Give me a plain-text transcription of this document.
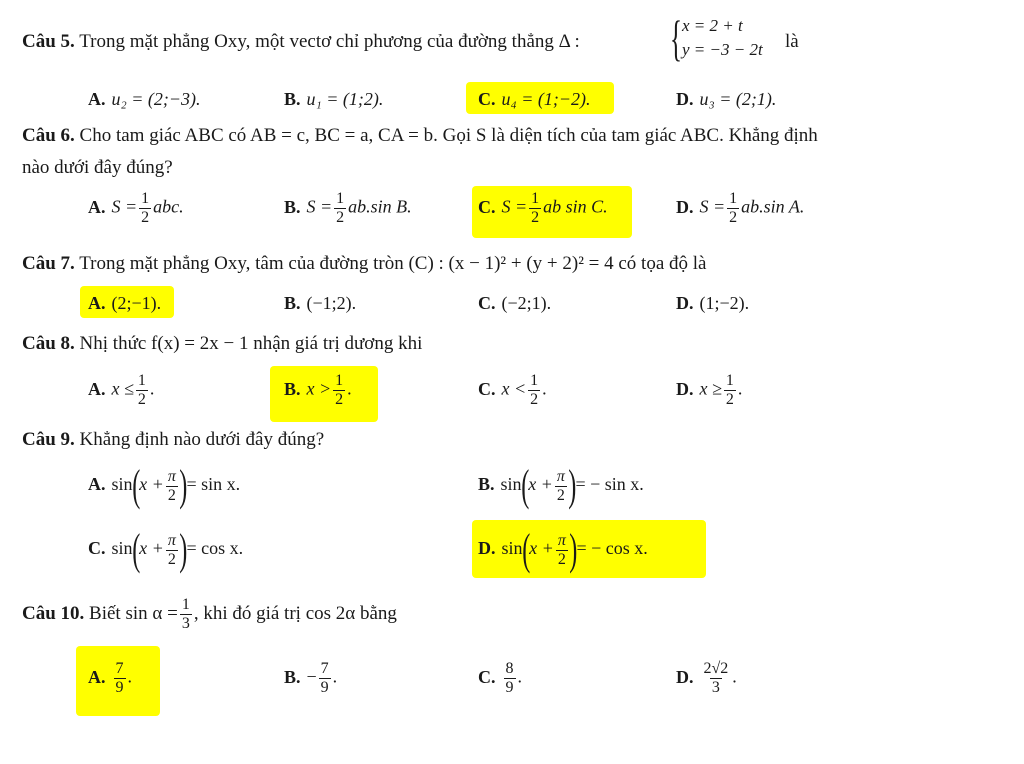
Câu 5. Trong mặt phẳng Oxy, một vectơ chỉ phương của đường thẳng Δ : { x = 2 + t
y = −3 − 2t là
A. u₂ = (2;−3).	B. u₁ = (1;2).	C. u₄ = (1;−2).	D. u₃ = (2;1).
Câu 6. Cho tam giác ABC có AB = c, BC = a, CA = b. Gọi S là diện tích của tam giác ABC. Khẳng định
nào dưới đây đúng?
A. $S = \frac{1}{2}$ abc.	B. $S = \frac{1}{2} ab.\sin$ B.	C. $S = \frac{1}{2}$ ab sin C.	D. $S = \frac{1}{2} ab.\sin$ A.
Câu 7. Trong mặt phẳng Oxy, tâm của đường tròn (C) : (x − 1)² + (y + 2)² = 4 có tọa độ là
A. (2;−1).	B. (−1;2).	C. (−2;1).	D. (1;−2).
Câu 8. Nhị thức f(x) = 2x − 1 nhận giá trị dương khi
A. $x \le \frac{1}{2}$ .	B. $x > \frac{1}{2}$ .	C. $x < \frac{1}{2}$ .	D. $x \ge \frac{1}{2}$ .
Câu 9. Khẳng định nào dưới đây đúng?
A. $\sin(x + \frac{\pi}{2}$ )= sin x.	B. $\sin(x + \frac{\pi}{2}$ )= − sin x.
C. $\sin(x + \frac{\pi}{2}$ )= cos x.	D. $\sin(x + \frac{\pi}{2}$ )= − cos x.
Câu 10. Biết $\sin \alpha = \frac{1}{3}$ , khi đó giá trị cos 2α bằng
A. $\frac{7}{9}$ .	B. − $\frac{7}{9}$ .	C. $\frac{8}{9}$ .	D. $\frac{2√2}{3}$ .
